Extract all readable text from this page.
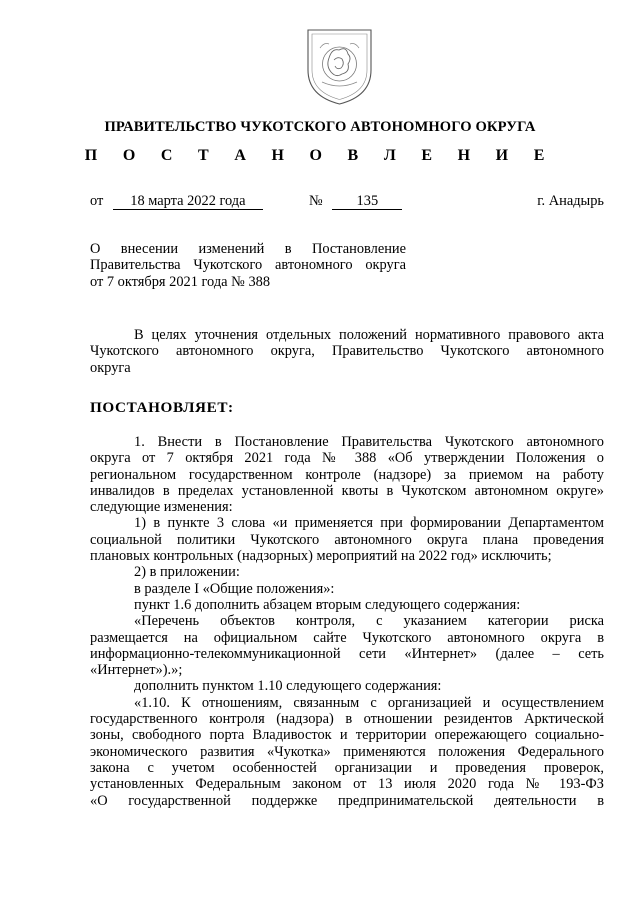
ПРАВИТЕЛЬСТВО ЧУКОТСКОГО АВТОНОМНОГО ОКРУГА
П О С Т А Н О В Л Е Н И Е
от 18 марта 2022 года	№ 135	г. Анадырь
О внесении изменений в Постановление
Правительства Чукотского автономного округа
от 7 октября 2021 года № 388
В целях уточнения отдельных положений нормативного правового акта
Чукотского автономного округа, Правительство Чукотского автономного
округа
ПОСТАНОВЛЯЕТ:
1. Внести в Постановление Правительства Чукотского автономного
округа от 7 октября 2021 года № 388 «Об утверждении Положения о
региональном государственном контроле (надзоре) за приемом на работу
инвалидов в пределах установленной квоты в Чукотском автономном округе»
следующие изменения:
1) в пункте 3 слова «и применяется при формировании Департаментом
социальной политики Чукотского автономного округа плана проведения
плановых контрольных (надзорных) мероприятий на 2022 год» исключить;
2) в приложении:
в разделе I «Общие положения»:
пункт 1.6 дополнить абзацем вторым следующего содержания:
«Перечень объектов контроля, с указанием категории риска
размещается на официальном сайте Чукотского автономного округа в
информационно-телекоммуникационной сети «Интернет» (далее – сеть
«Интернет»).»;
дополнить пунктом 1.10 следующего содержания:
«1.10. К отношениям, связанным с организацией и осуществлением
государственного контроля (надзора) в отношении резидентов Арктической
зоны, свободного порта Владивосток и территории опережающего социально-
экономического развития «Чукотка» применяются положения Федерального
закона с учетом особенностей организации и проведения проверок,
установленных Федеральным законом от 13 июля 2020 года № 193-ФЗ
«О государственной поддержке предпринимательской деятельности в
